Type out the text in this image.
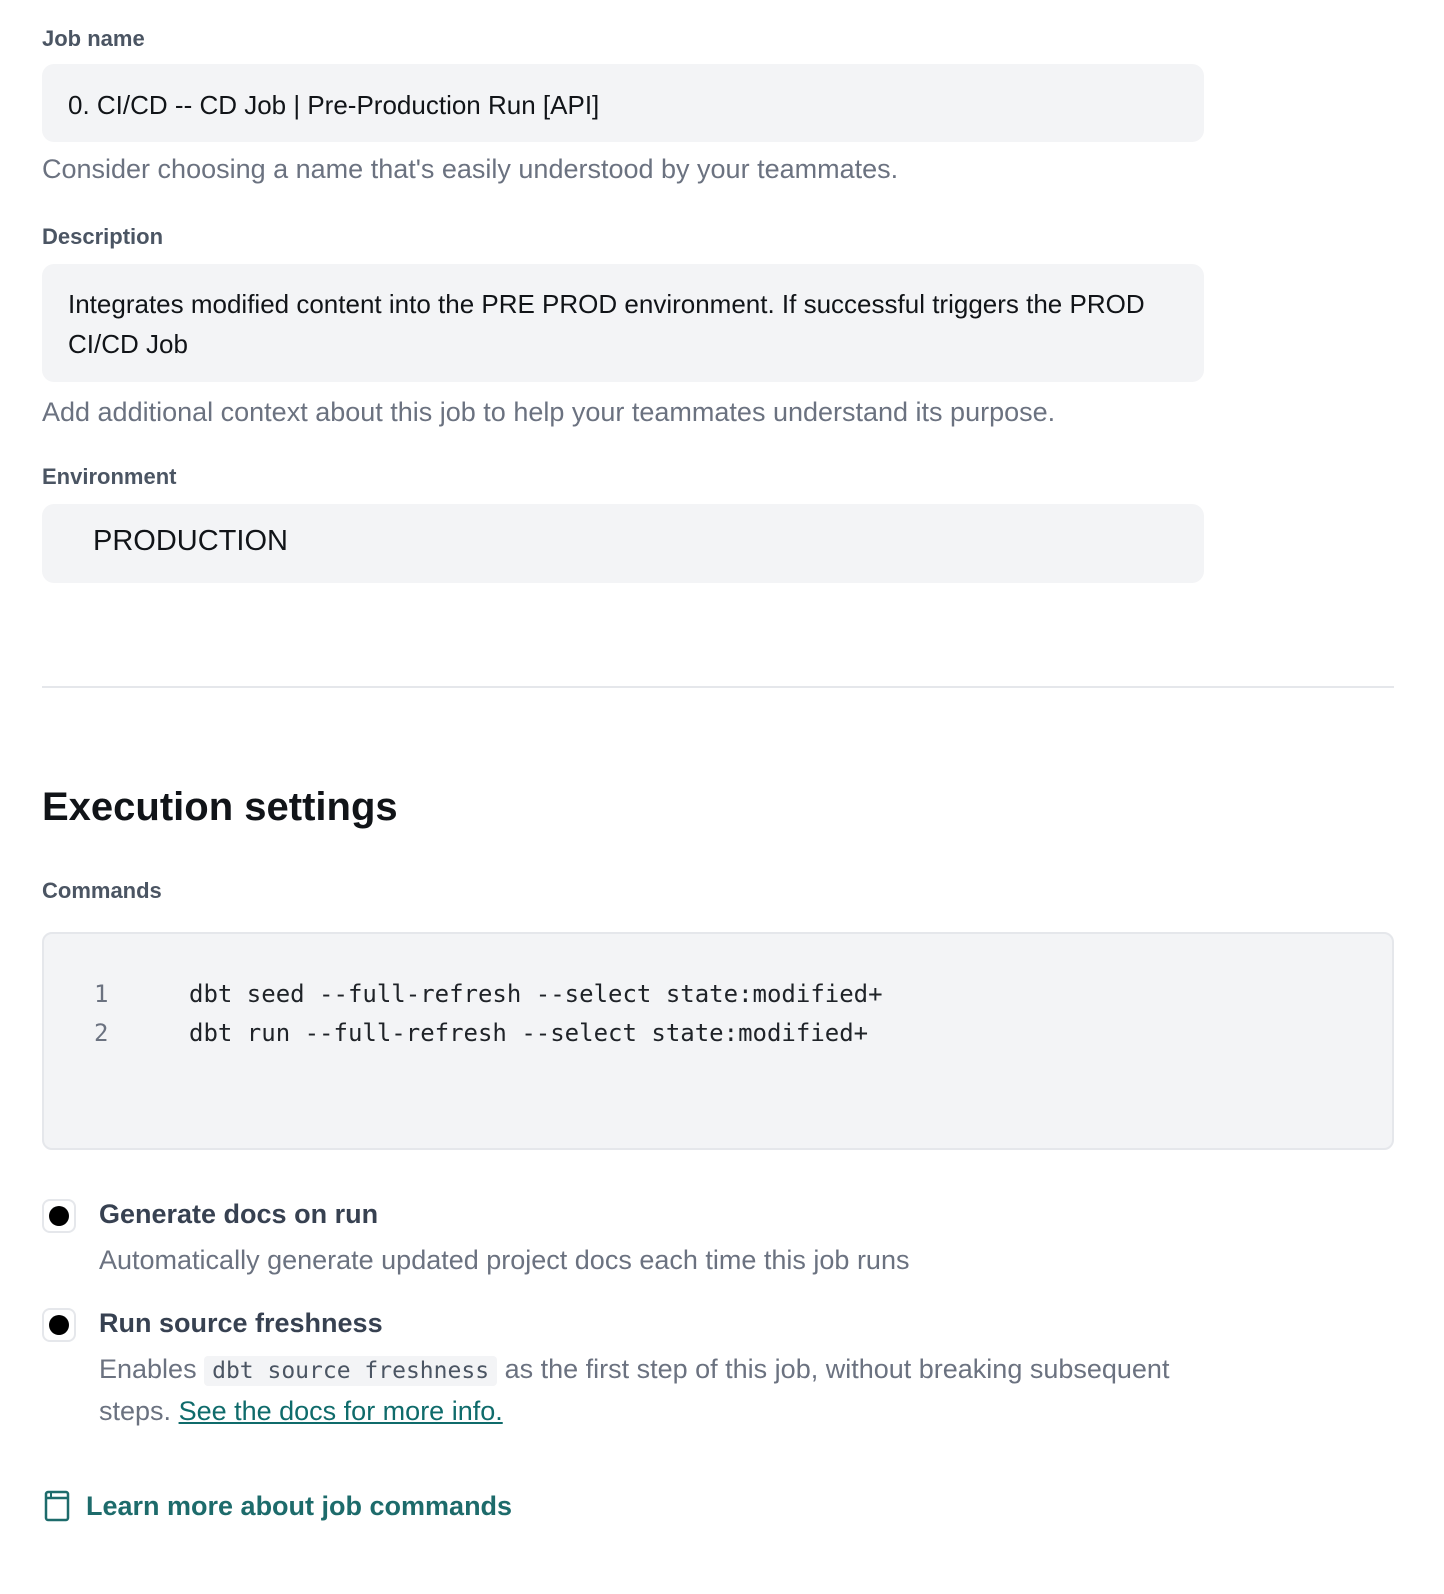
Job name
0. CI/CD -- CD Job | Pre-Production Run [API]
Consider choosing a name that's easily understood by your teammates.
Description
Integrates modified content into the PRE PROD environment. If successful triggers the PROD CI/CD Job
Add additional context about this job to help your teammates understand its purpose.
Environment
PRODUCTION
Execution settings
Commands
1	dbt seed --full-refresh --select state:modified+
2	dbt run --full-refresh --select state:modified+
Generate docs on run
Automatically generate updated project docs each time this job runs
Run source freshness
Enables dbt source freshness as the first step of this job, without breaking subsequent steps. See the docs for more info.
Learn more about job commands
